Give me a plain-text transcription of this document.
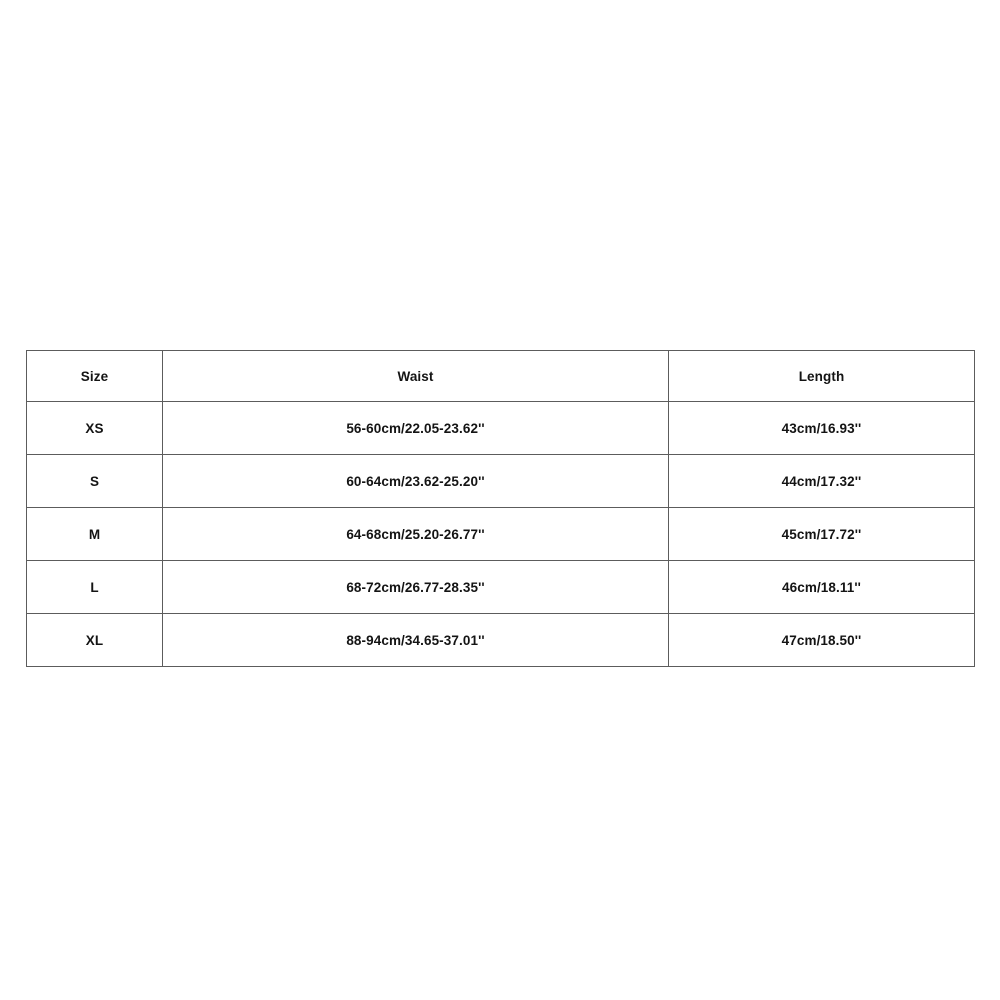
Size	Waist	Length
XS	56-60cm/22.05-23.62''	43cm/16.93''
S	60-64cm/23.62-25.20''	44cm/17.32''
M	64-68cm/25.20-26.77''	45cm/17.72''
L	68-72cm/26.77-28.35''	46cm/18.11''
XL	88-94cm/34.65-37.01''	47cm/18.50''
